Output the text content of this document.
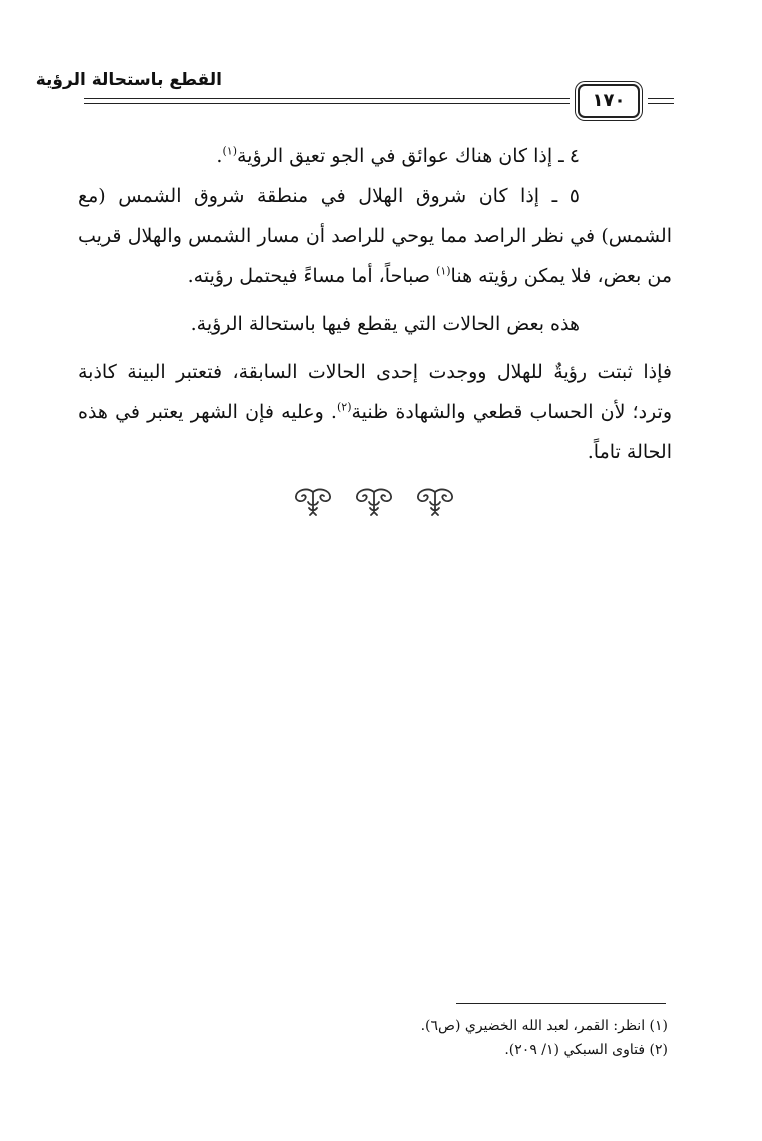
القطع باستحالة الرؤية
١٧٠

٤ ـ إذا كان هناك عوائق في الجو تعيق الرؤية$^{(١)}$.

٥ ـ إذا كان شروق الهلال في منطقة شروق الشمس (مع الشمس) في نظر الراصد مما يوحي للراصد أن مسار الشمس والهلال قريب من بعض، فلا يمكن رؤيته هنا$^{(١)}$ صباحاً، أما مساءً فيحتمل رؤيته.

هذه بعض الحالات التي يقطع فيها باستحالة الرؤية.

فإذا ثبتت رؤيةٌ للهلال ووجدت إحدى الحالات السابقة، فتعتبر البينة كاذبة وترد؛ لأن الحساب قطعي والشهادة ظنية$^{(٢)}$. وعليه فإن الشهر يعتبر في هذه الحالة تاماً.

(١) انظر: القمر، لعبد الله الخضيري (ص٦).
(٢) فتاوى السبكي (١/ ٢٠٩).
